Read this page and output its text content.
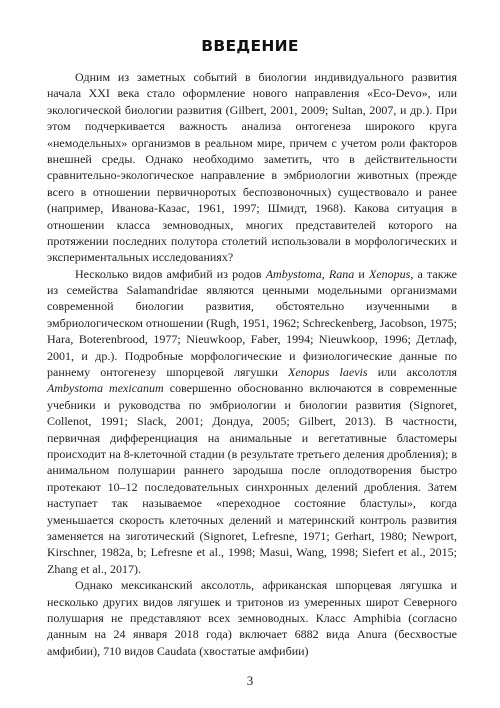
ВВЕДЕНИЕ

Одним из заметных событий в биологии индивидуального развития начала XXI века стало оформление нового направления «Eco-Devo», или экологической биологии развития (Gilbert, 2001, 2009; Sultan, 2007, и др.). При этом подчеркивается важность анализа онтогенеза широкого круга «немодельных» организмов в реальном мире, причем с учетом роли факторов внешней среды. Однако необходимо заметить, что в действительности сравнительно-экологическое направление в эмбриологии животных (прежде всего в отношении первичноротых беспозвоночных) существовало и ранее (например, Иванова-Казас, 1961, 1997; Шмидт, 1968). Какова ситуация в отношении класса земноводных, многих представителей которого на протяжении последних полутора столетий использовали в морфологических и экспериментальных исследованиях?

Несколько видов амфибий из родов Ambystoma, Rana и Xenopus, а также из семейства Salamandridae являются ценными модельными организмами современной биологии развития, обстоятельно изученными в эмбриологическом отношении (Rugh, 1951, 1962; Schreckenberg, Jacobson, 1975; Hara, Boterenbrood, 1977; Nieuwkoop, Faber, 1994; Nieuwkoop, 1996; Детлаф, 2001, и др.). Подробные морфологические и физиологические данные по раннему онтогенезу шпорцевой лягушки Xenopus laevis или аксолотля Ambystoma mexicanum совершенно обоснованно включаются в современные учебники и руководства по эмбриологии и биологии развития (Signoret, Collenot, 1991; Slack, 2001; Дондуа, 2005; Gilbert, 2013). В частности, первичная дифференциация на анимальные и вегетативные бластомеры происходит на 8-клеточной стадии (в результате третьего деления дробления); в анимальном полушарии раннего зародыша после оплодотворения быстро протекают 10–12 последовательных синхронных делений дробления. Затем наступает так называемое «переходное состояние бластулы», когда уменьшается скорость клеточных делений и материнский контроль развития заменяется на зиготический (Signoret, Lefresne, 1971; Gerhart, 1980; Newport, Kirschner, 1982a, b; Lefresne et al., 1998; Masui, Wang, 1998; Siefert et al., 2015; Zhang et al., 2017).

Однако мексиканский аксолотль, африканская шпорцевая лягушка и несколько других видов лягушек и тритонов из умеренных широт Северного полушария не представляют всех земноводных. Класс Amphibia (согласно данным на 24 января 2018 года) включает 6882 вида Anura (бесхвостые амфибии), 710 видов Caudata (хвостатые амфибии)

3
